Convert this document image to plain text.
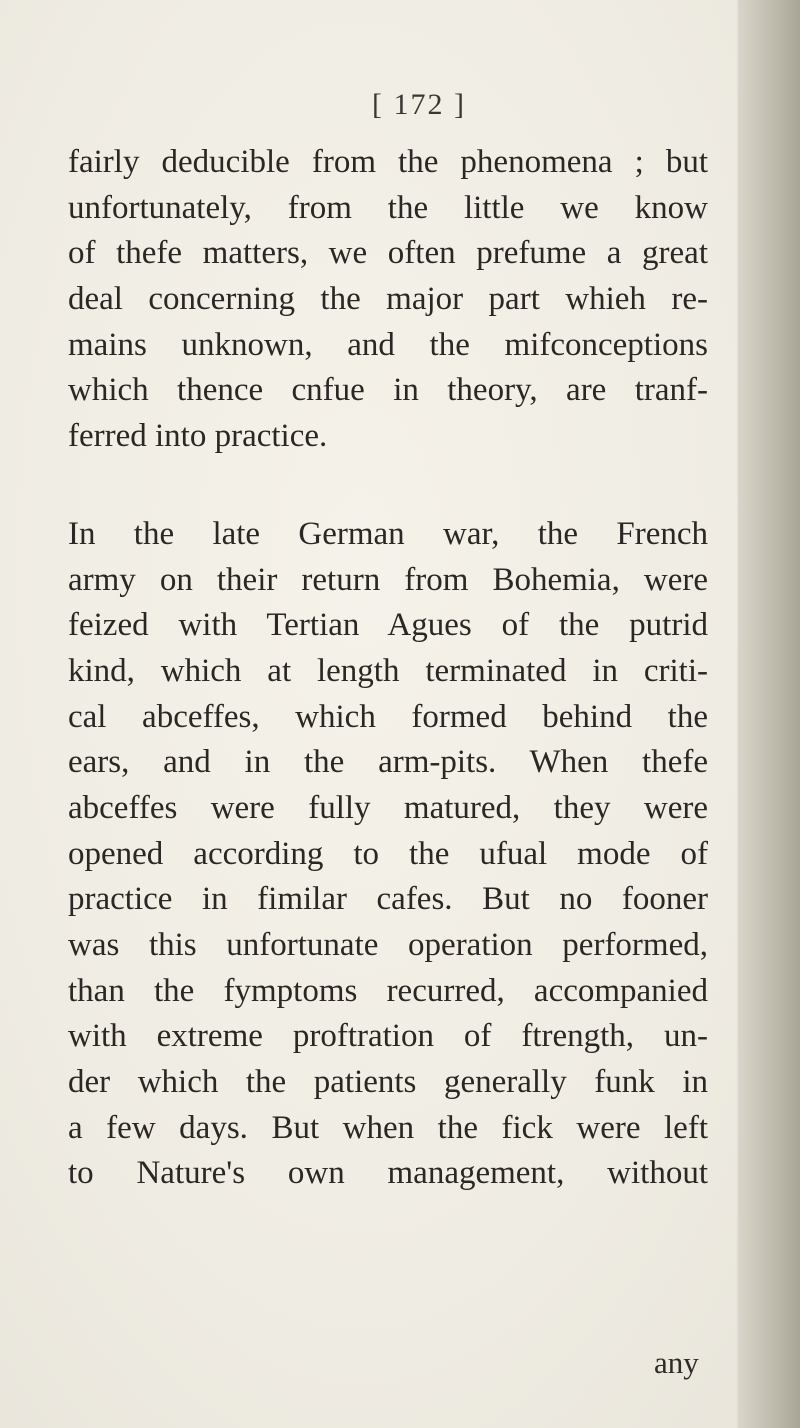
[ 172 ]
fairly deducible from the phenomena ; but
unfortunately, from the little we know
of thefe matters, we often prefume a great
deal concerning the major part whieh re-
mains unknown, and the mifconceptions
which thence cnfue in theory, are tranf-
ferred into practice.
In the late German war, the French
army on their return from Bohemia, were
feized with Tertian Agues of the putrid
kind, which at length terminated in criti-
cal abceffes, which formed behind the
ears, and in the arm-pits. When thefe
abceffes were fully matured, they were
opened according to the ufual mode of
practice in fimilar cafes. But no fooner
was this unfortunate operation performed,
than the fymptoms recurred, accompanied
with extreme proftration of ftrength, un-
der which the patients generally funk in
a few days. But when the fick were left
to Nature's own management, without
any
